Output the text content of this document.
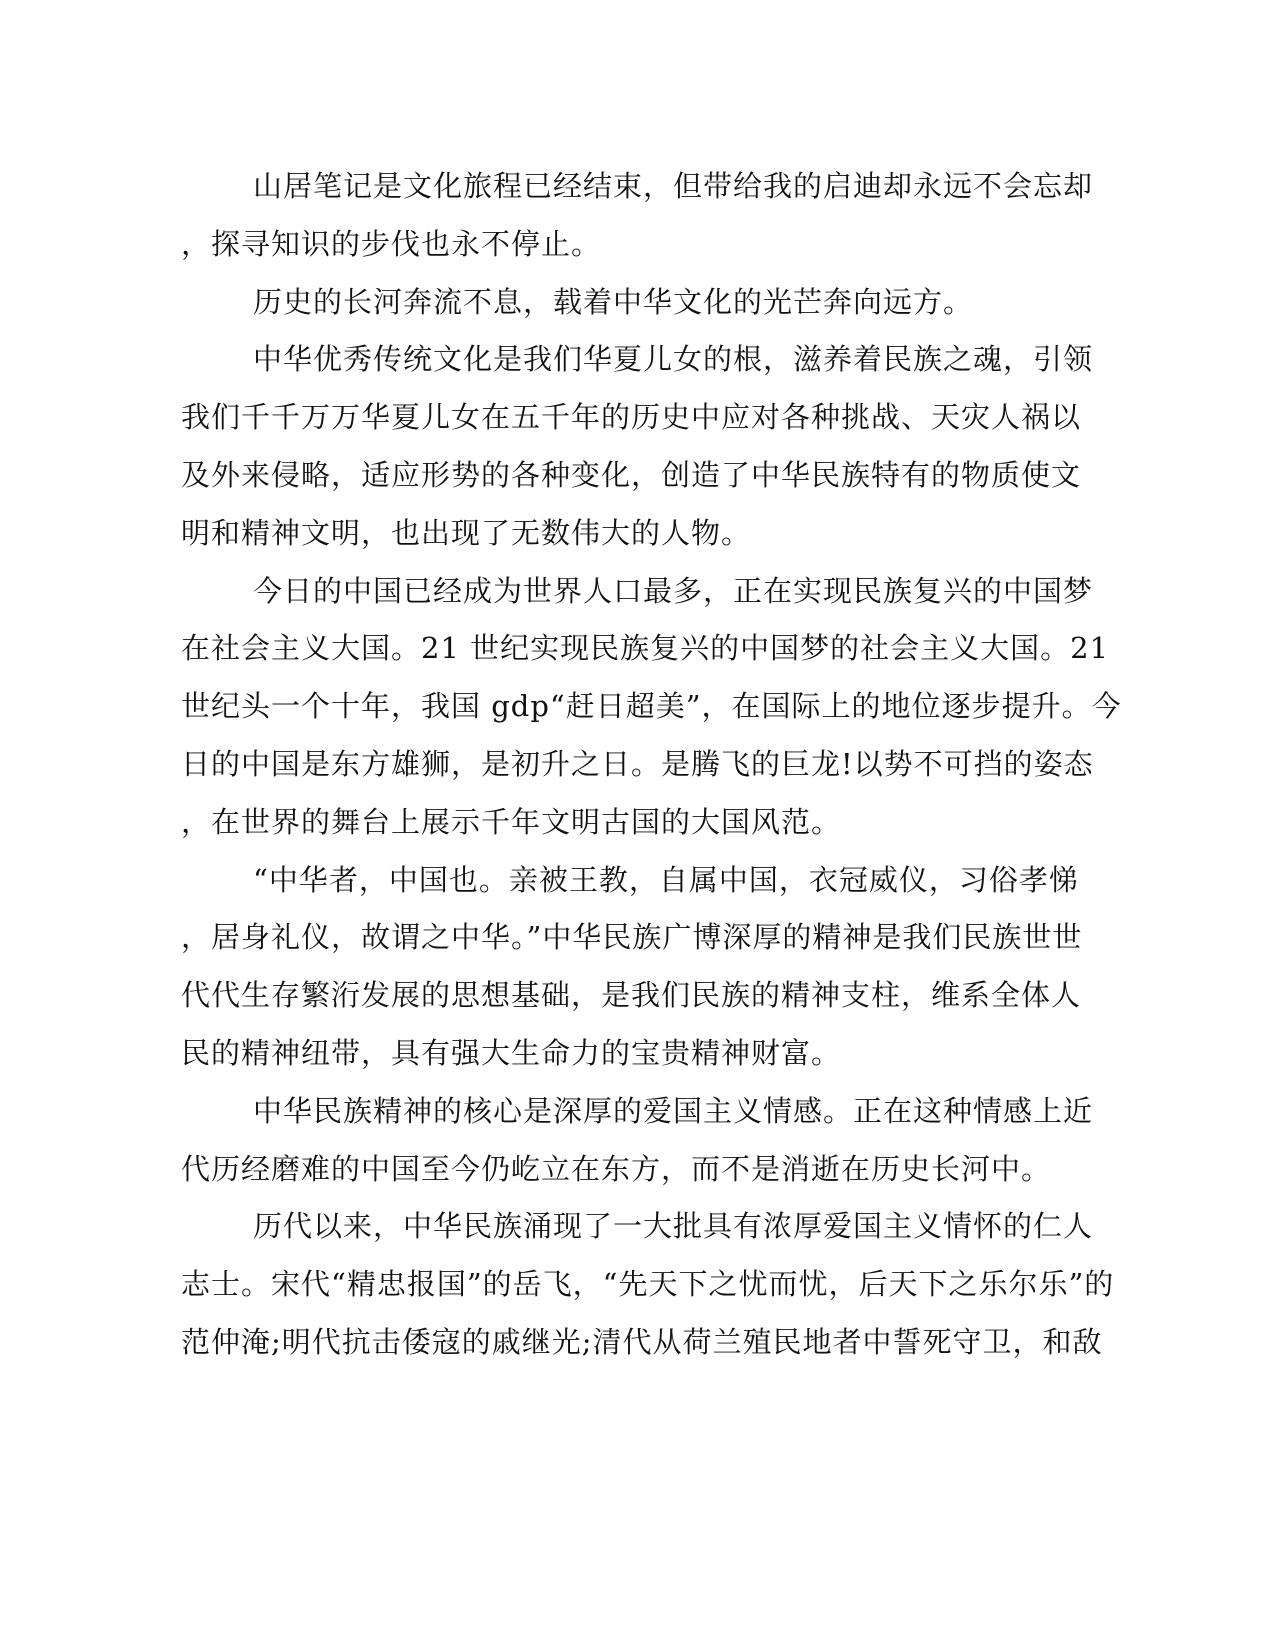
山居笔记是文化旅程已经结束，但带给我的启迪却永远不会忘却
，探寻知识的步伐也永不停止。
历史的长河奔流不息，载着中华文化的光芒奔向远方。
中华优秀传统文化是我们华夏儿女的根，滋养着民族之魂，引领
我们千千万万华夏儿女在五千年的历史中应对各种挑战、天灾人祸以
及外来侵略，适应形势的各种变化，创造了中华民族特有的物质使文
明和精神文明，也出现了无数伟大的人物。
今日的中国已经成为世界人口最多，正在实现民族复兴的中国梦
在社会主义大国。21 世纪实现民族复兴的中国梦的社会主义大国。21
世纪头一个十年，我国 gdp“赶日超美”，在国际上的地位逐步提升。今
日的中国是东方雄狮，是初升之日。是腾飞的巨龙!以势不可挡的姿态
，在世界的舞台上展示千年文明古国的大国风范。
“中华者，中国也。亲被王教，自属中国，衣冠威仪，习俗孝悌
，居身礼仪，故谓之中华。”中华民族广博深厚的精神是我们民族世世
代代生存繁洐发展的思想基础，是我们民族的精神支柱，维系全体人
民的精神纽带，具有强大生命力的宝贵精神财富。
中华民族精神的核心是深厚的爱国主义情感。正在这种情感上近
代历经磨难的中国至今仍屹立在东方，而不是消逝在历史长河中。
历代以来，中华民族涌现了一大批具有浓厚爱国主义情怀的仁人
志士。宋代“精忠报国”的岳飞，“先天下之忧而忧，后天下之乐尔乐”的
范仲淹;明代抗击倭寇的戚继光;清代从荷兰殖民地者中誓死守卫，和敌
